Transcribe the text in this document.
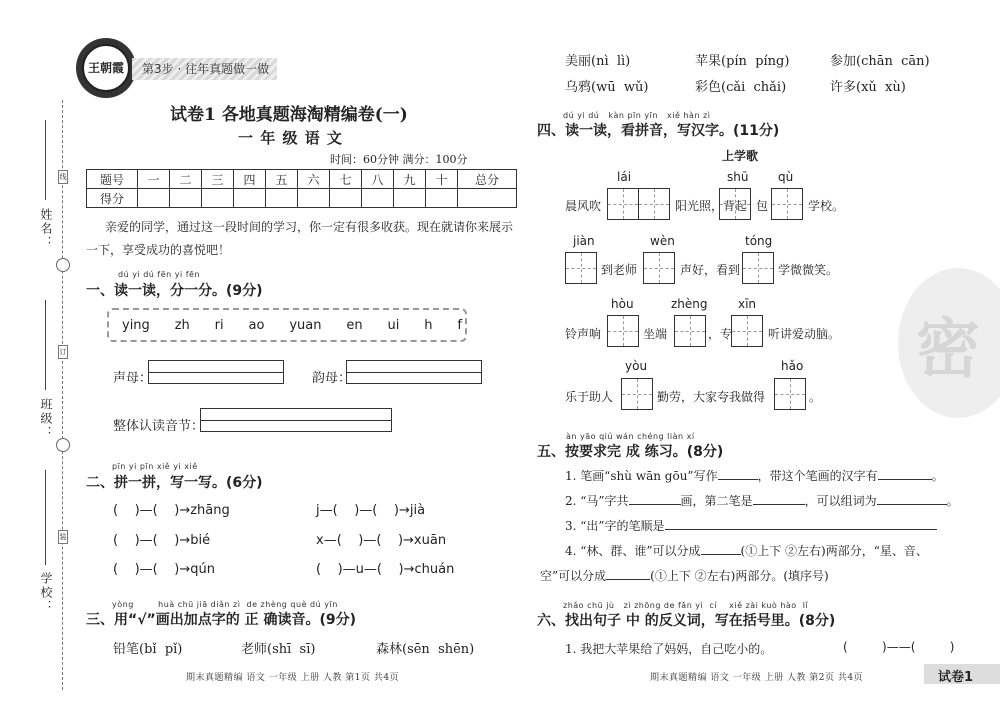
线
订
装
姓名：
班级：
学校：
王朝霞	第3步 · 往年真题做一做
试卷1 各地真题海淘精编卷(一)
一 年 级 语 文
时间：60分钟 满分：100分
题号	一	二	三	四	五	六	七	八	九	十	总分
得分											
亲爱的同学，通过这一段时间的学习，你一定有很多收获。现在就请你来展示
一下，享受成功的喜悦吧！
dú yi dú fēn yi fēn
一、读一读，分一分。(9分)
ying zh ri ao yuan en ui h f
声母：	韵母：
整体认读音节：
pīn yi pīn xiě yi xiě
二、拼一拼，写一写。(6分)
(    )—(    )→zhāng	j—(    )—(    )→jià
(    )—(    )→bié	x—(    )—(    )→xuān
(    )—(    )→qún	(    )—u—(    )→chuán
yòng        huà chū jiā diǎn zì  de zhèng què dú yīn
三、用“√”画出加点字的 正 确读音。(9分)
铅笔(bǐ  pǐ)	老师(shī  sī)	森林(sēn  shēn)
期末真题精编 语文 一年级 上册 人教 第1页 共4页
美丽(nì  lì)	苹果(pín  píng)	参加(chān  cān)
乌鸦(wū  wǔ)	彩色(cǎi  chǎi)	许多(xǔ  xù)
dú yi dú   kàn pīn yīn   xiě hàn zì
四、读一读，看拼音，写汉字。(11分)
上学歌
lái	shū qù
晨风吹	阳光照，背起 包	学校。
jiàn	wèn	tóng
到老师	声好，看到	学微微笑。
hòu	zhèng	xīn
铃声响	坐端	，专	听讲爱动脑。
yòu	hǎo
乐于助人	勤劳，大家夸我做得	。
密
àn yāo qiú wán chéng liàn xí
五、按要求完 成 练习。(8分)
1. 笔画“shù wān gōu”写作	，带这个笔画的汉字有	。
2. “马”字共	画，第二笔是	，可以组词为	。
3. “出”字的笔顺是
4. “林、群、谁”可以分成	(①上下 ②左右)两部分，“星、音、
空”可以分成	(①上下 ②左右)两部分。(填序号)
zhǎo chū jù   zi zhōng de fǎn yì  cí    xiě zài kuò hào  lǐ
六、找出句子 中 的反义词，写在括号里。(8分)
1. 我把大苹果给了妈妈，自己吃小的。	(         )——(         )
期末真题精编 语文 一年级 上册 人教 第2页 共4页	试卷1
